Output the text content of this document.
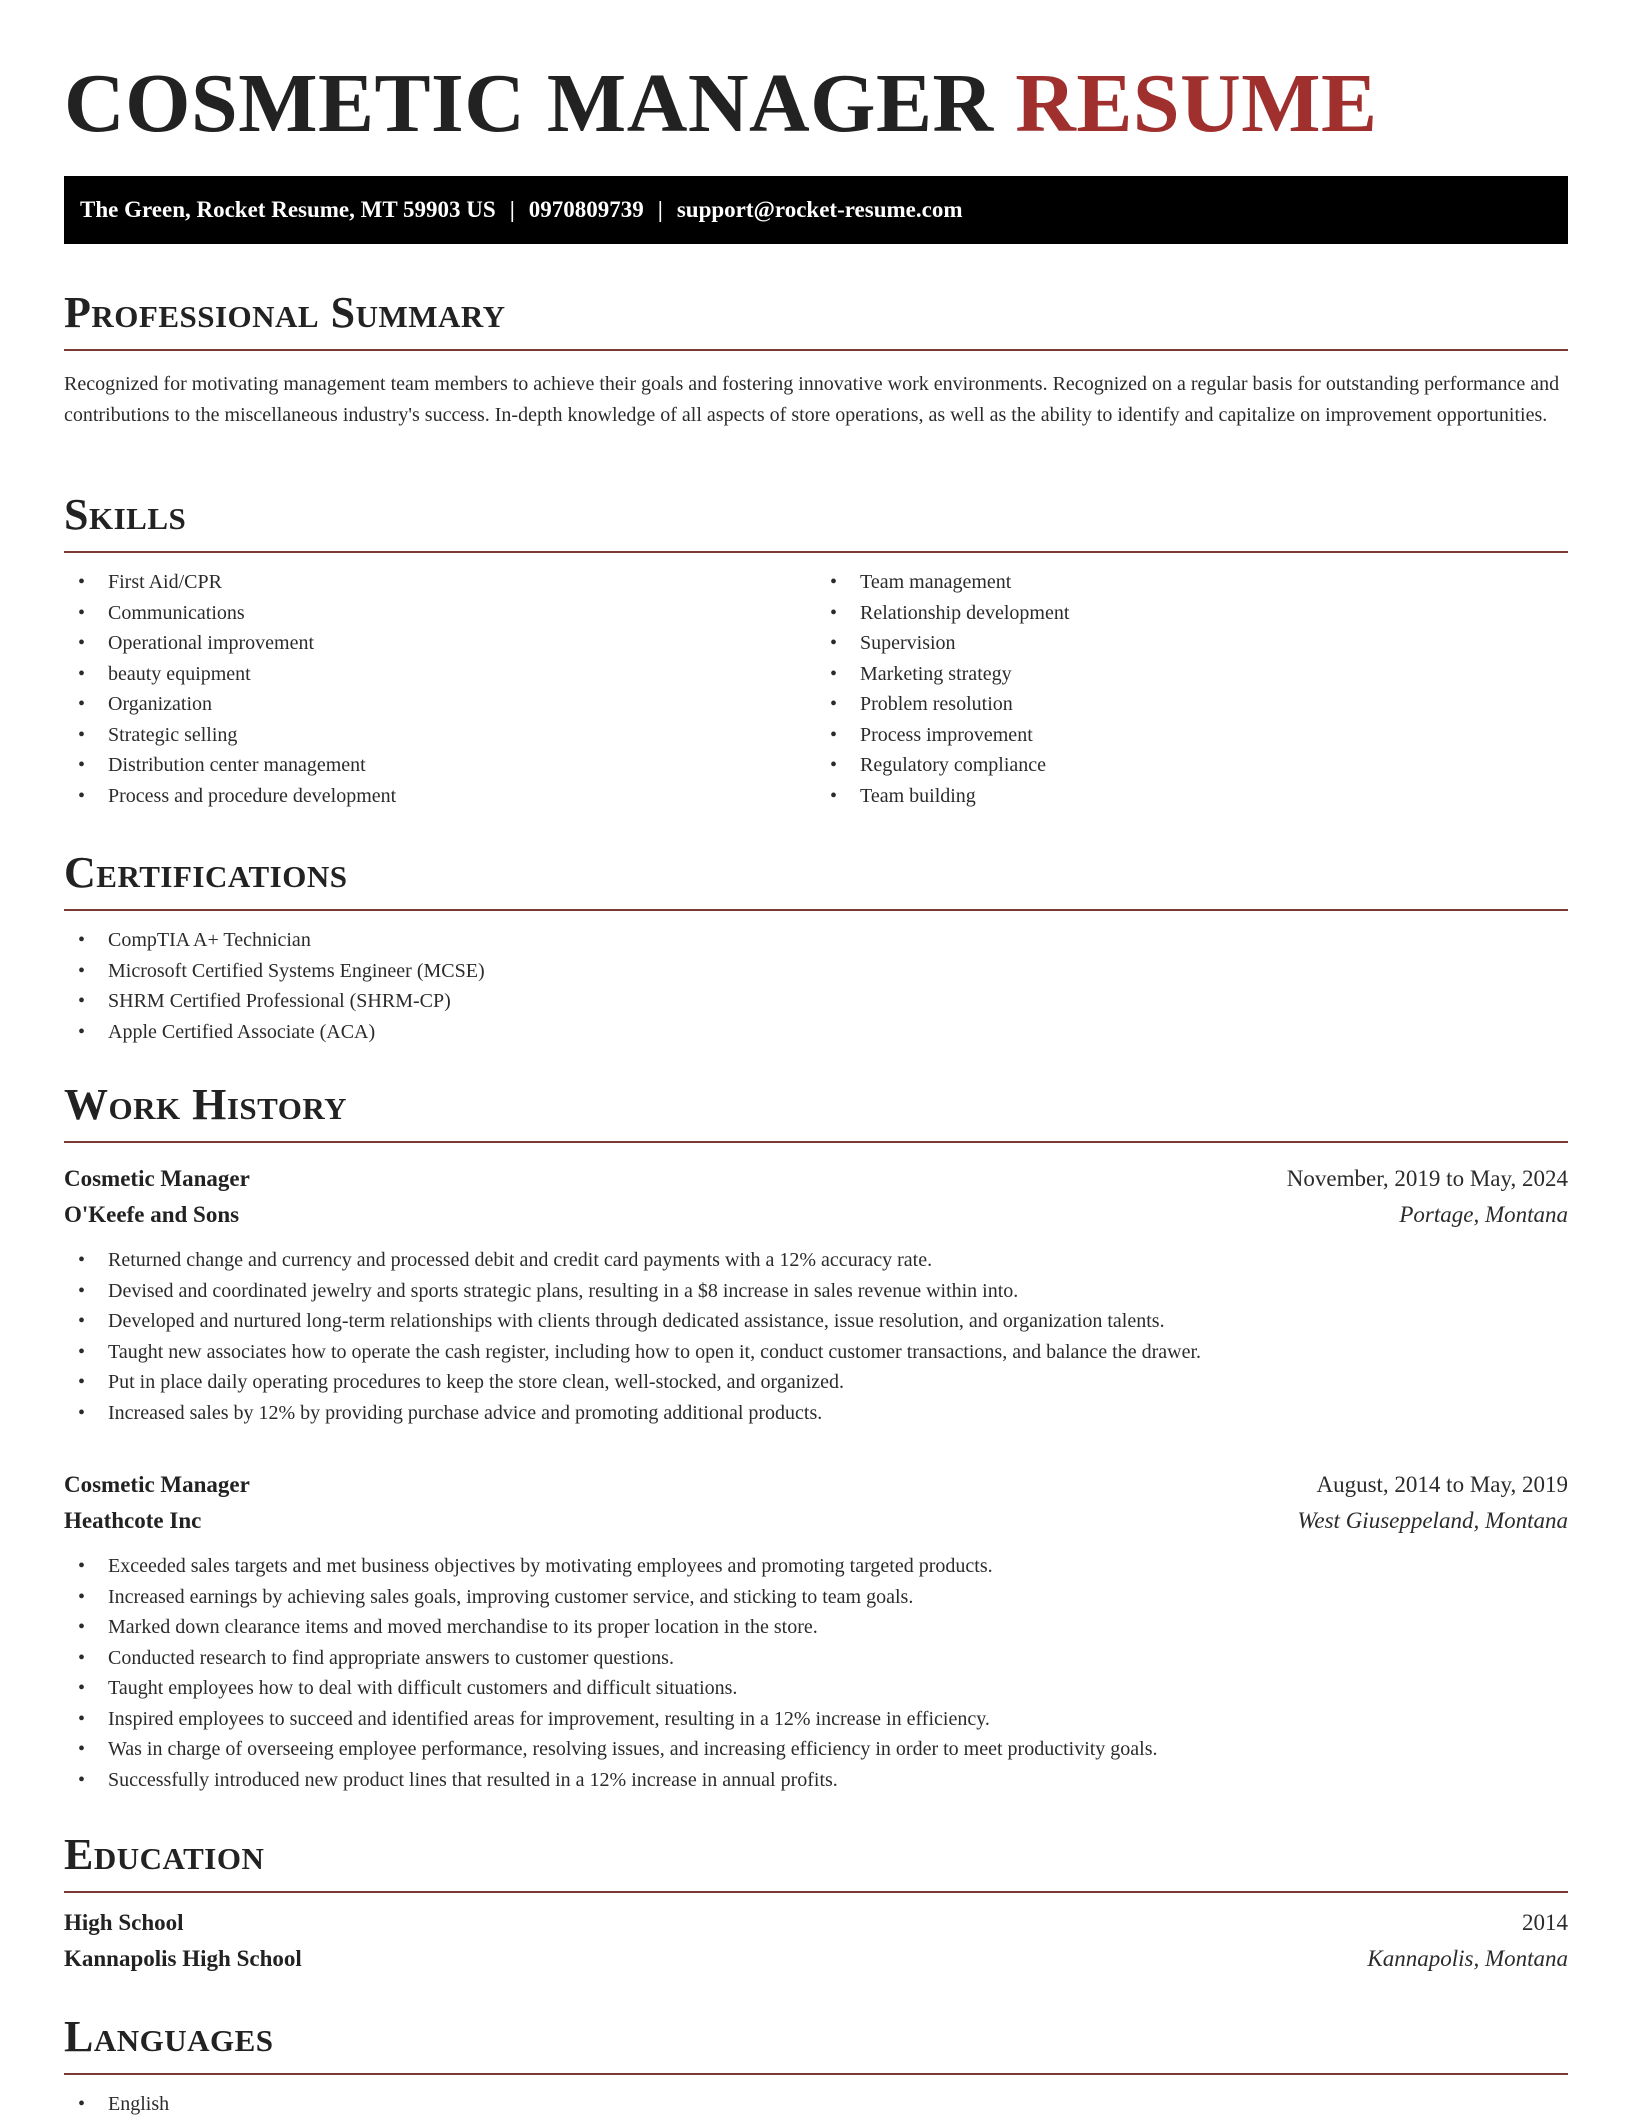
COSMETIC MANAGER RESUME
The Green, Rocket Resume, MT 59903 US | 0970809739 | support@rocket-resume.com
Professional Summary

Recognized for motivating management team members to achieve their goals and fostering innovative work environments. Recognized on a regular basis for outstanding performance and contributions to the miscellaneous industry's success. In-depth knowledge of all aspects of store operations, as well as the ability to identify and capitalize on improvement opportunities.

Skills
• First Aid/CPR
• Communications
• Operational improvement
• beauty equipment
• Organization
• Strategic selling
• Distribution center management
• Process and procedure development
• Team management
• Relationship development
• Supervision
• Marketing strategy
• Problem resolution
• Process improvement
• Regulatory compliance
• Team building
Certifications
• CompTIA A+ Technician
• Microsoft Certified Systems Engineer (MCSE)
• SHRM Certified Professional (SHRM-CP)
• Apple Certified Associate (ACA)
Work History
Cosmetic Manager	November, 2019 to May, 2024
O'Keefe and Sons	Portage, Montana
• Returned change and currency and processed debit and credit card payments with a 12% accuracy rate.
• Devised and coordinated jewelry and sports strategic plans, resulting in a $8 increase in sales revenue within into.
• Developed and nurtured long-term relationships with clients through dedicated assistance, issue resolution, and organization talents.
• Taught new associates how to operate the cash register, including how to open it, conduct customer transactions, and balance the drawer.
• Put in place daily operating procedures to keep the store clean, well-stocked, and organized.
• Increased sales by 12% by providing purchase advice and promoting additional products.
Cosmetic Manager	August, 2014 to May, 2019
Heathcote Inc	West Giuseppeland, Montana
• Exceeded sales targets and met business objectives by motivating employees and promoting targeted products.
• Increased earnings by achieving sales goals, improving customer service, and sticking to team goals.
• Marked down clearance items and moved merchandise to its proper location in the store.
• Conducted research to find appropriate answers to customer questions.
• Taught employees how to deal with difficult customers and difficult situations.
• Inspired employees to succeed and identified areas for improvement, resulting in a 12% increase in efficiency.
• Was in charge of overseeing employee performance, resolving issues, and increasing efficiency in order to meet productivity goals.
• Successfully introduced new product lines that resulted in a 12% increase in annual profits.
Education
High School	2014
Kannapolis High School	Kannapolis, Montana
Languages
• English
